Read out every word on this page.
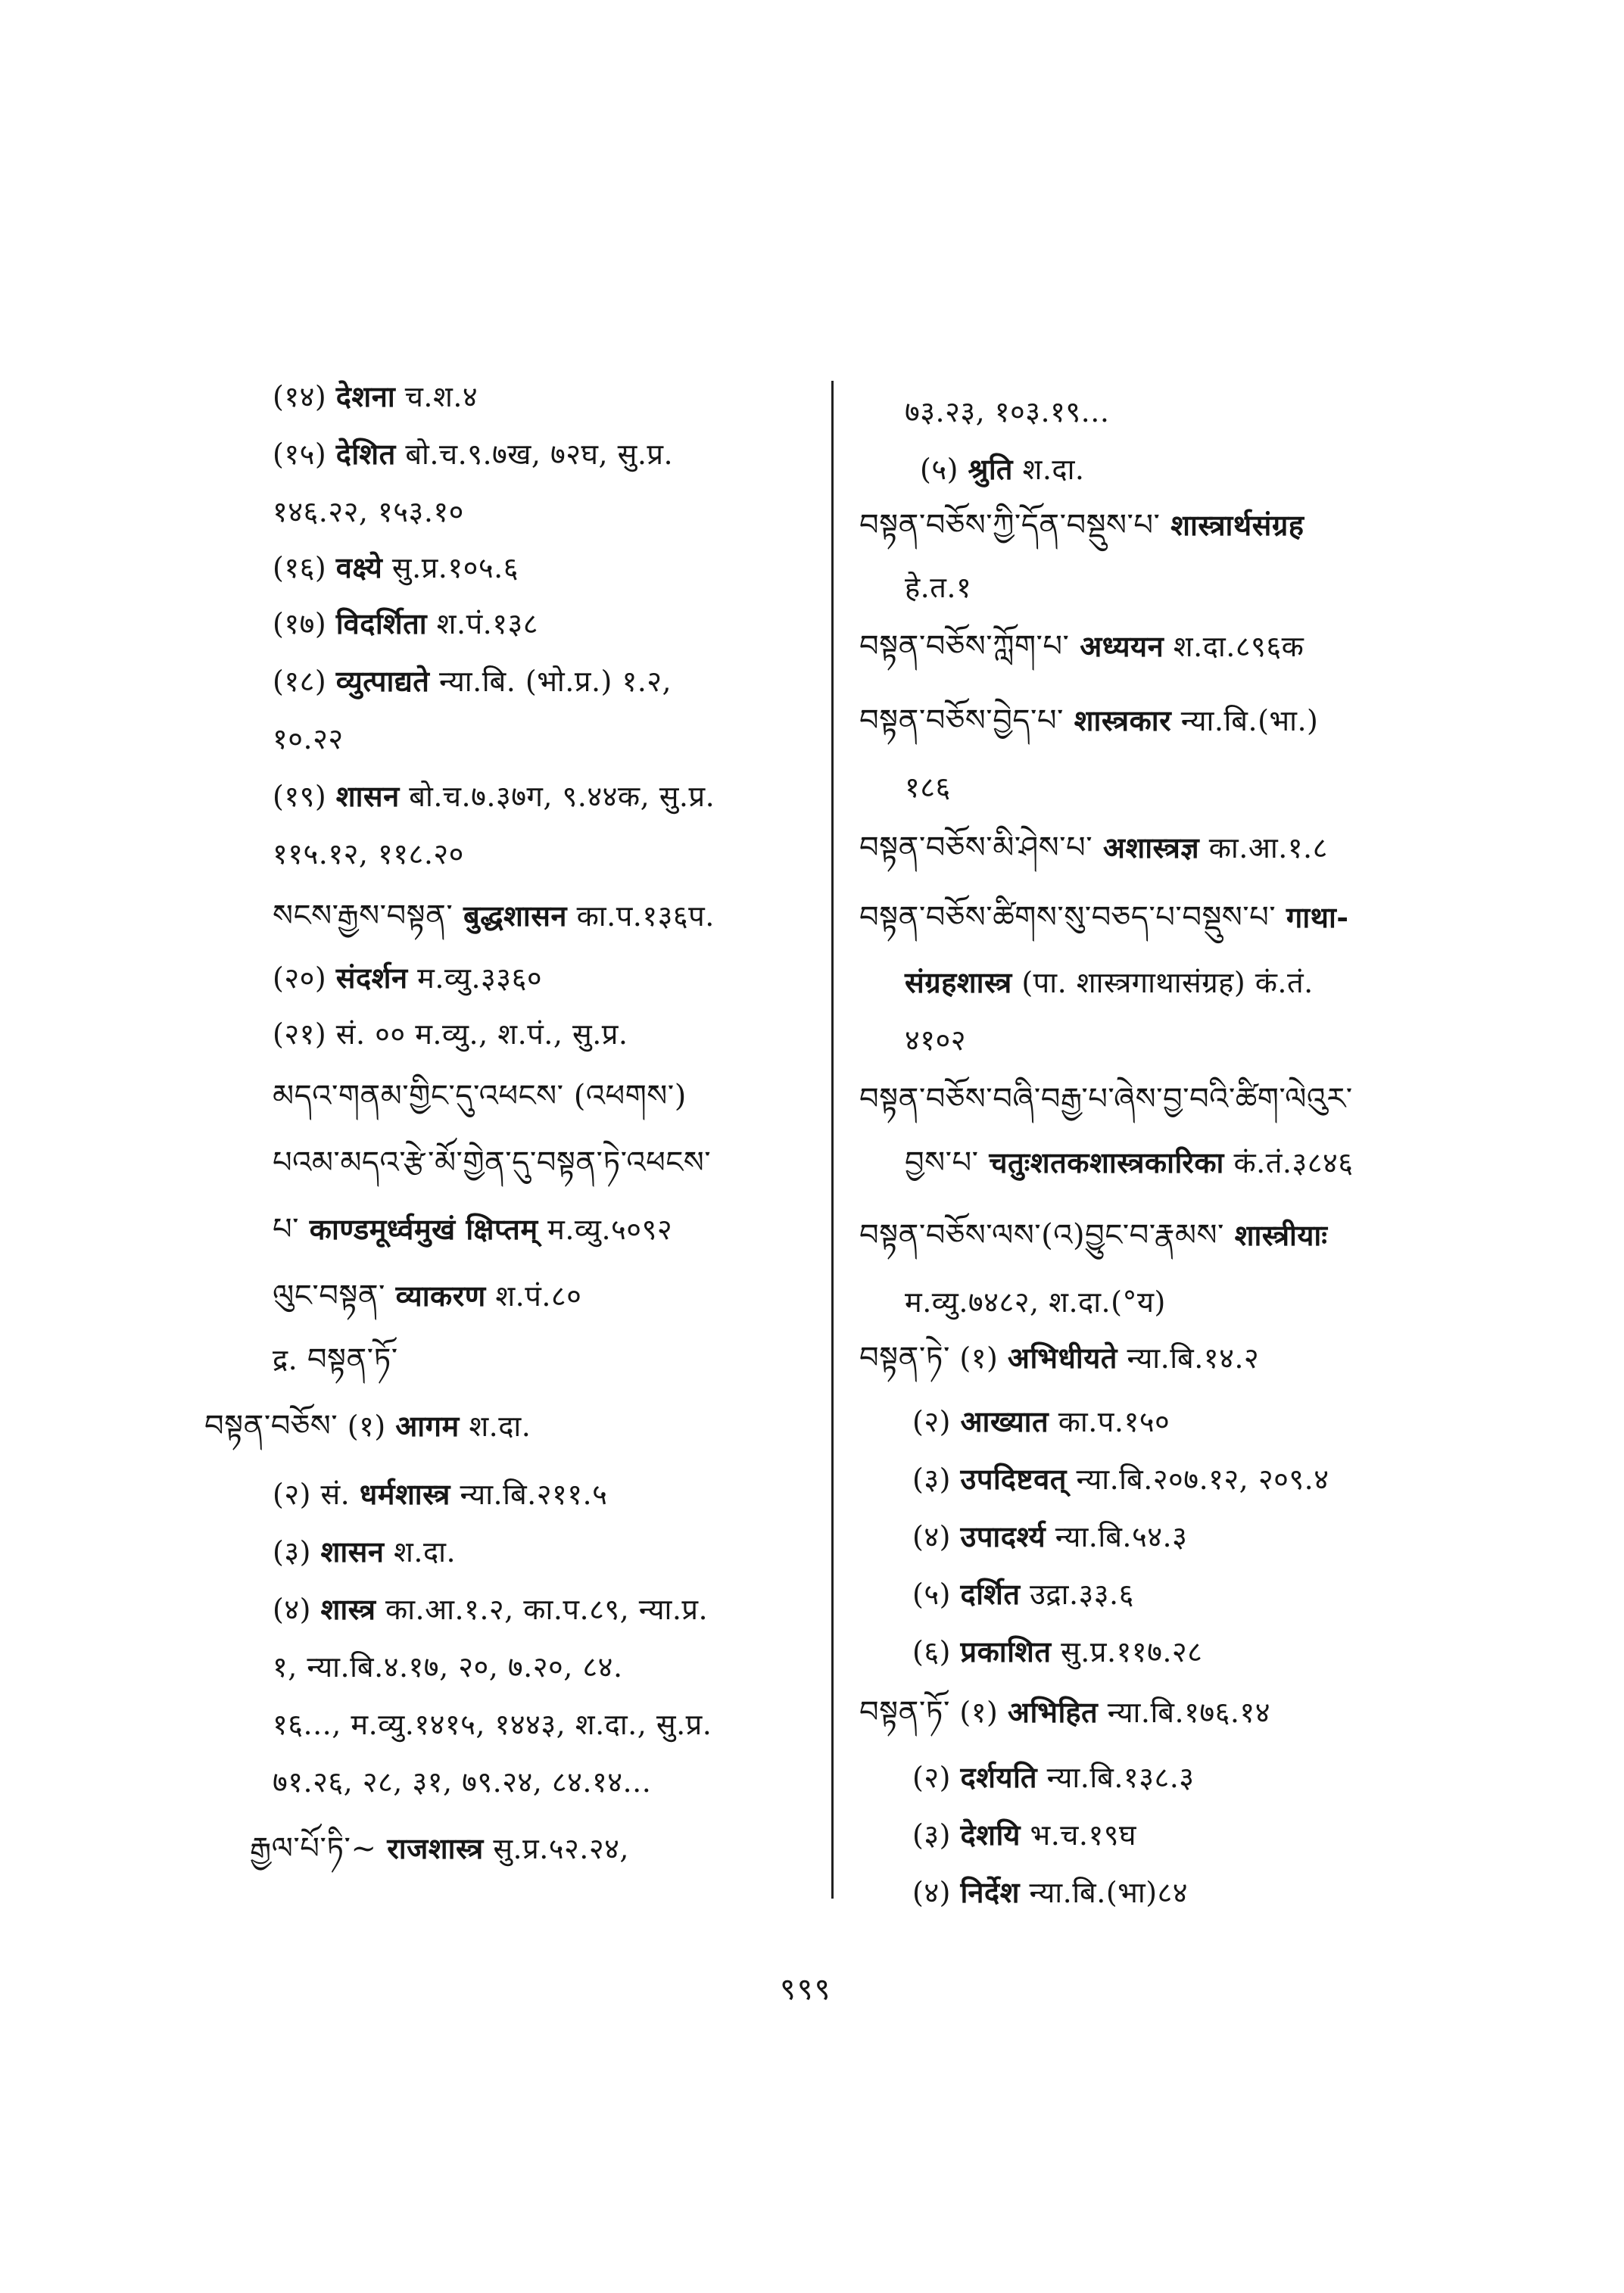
(१४) देशना च.श.४
(१५) देशित बो.च.९.७ख, ७२घ, सु.प्र.
१४६.२२, १५३.१०
(१६) वक्ष्ये सु.प्र.१०५.६
(१७) विदर्शिता श.पं.१३८
(१८) व्युत्पाद्यते न्या.बि. (भो.प्र.) १.२,
१०.२२
(१९) शासन बो.च.७.३७ग, ९.४४क, सु.प्र.
११५.१२, ११८.२०
སངས་རྒྱས་བསྟན་ बुद्धशासन का.प.१३६प.
(२०) संदर्शन म.व्यु.३३६०
(२१) सं. ०० म.व्यु., श.पं., सु.प्र.
མདའ་གནམ་གྱིང་དུ་འཕངས་ (འཕགས་)
པའམ་མདའ་རྩེ་མོ་གྱེན་དུ་བསྟན་ཏེ་འཕངས་
པ་ काण्डमूर्ध्वमुखं क्षिप्तम् म.व्यु.५०९२
ལུང་བསྟན་ व्याकरण श.पं.८०
द्र. བསྟན་ཏོ་
བསྟན་བཅོས་ (१) आगम श.दा.
(२) सं. धर्मशास्त्र न्या.बि.२११.५
(३) शासन श.दा.
(४) शास्त्र का.आ.१.२, का.प.८९, न्या.प्र.
१, न्या.बि.४.१७, २०, ७.२०, ८४.
१६..., म.व्यु.१४१५, १४४३, श.दा., सु.प्र.
७१.२६, २८, ३१, ७९.२४, ८४.१४...
རྒྱལ་པོ་ཏི་~ राजशास्त्र सु.प्र.५२.२४,
७३.२३, १०३.१९...
(५) श्रुति श.दा.
བསྟན་བཅོས་ཀྱི་དོན་བསྡུས་པ་ शास्त्रार्थसंग्रह
हे.त.१
བསྟན་བཅོས་ཀློག་པ་ अध्ययन श.दा.८९६क
བསྟན་བཅོས་བྱེད་པ་ शास्त्रकार न्या.बि.(भा.)
१८६
བསྟན་བཅོས་མི་ཤེས་པ་ अशास्त्रज्ञ का.आ.१.८
བསྟན་བཅོས་ཚིགས་སུ་བཅད་པ་བསྡུས་པ་ गाथा-
संग्रहशास्त्र (पा. शास्त्रगाथासंग्रह) कं.तं.
४१०२
བསྟན་བཅོས་བཞི་བརྒྱ་པ་ཞེས་བྱ་བའི་ཚིག་ལེའུར་
བྱས་པ་ चतुःशतकशास्त्रकारिका कं.तं.३८४६
བསྟན་བཅོས་ལས་(འ)བྱུང་བ་རྣམས་ शास्त्रीयाः
म.व्यु.७४८२, श.दा.(°य)
བསྟན་ཏེ་ (१) अभिधीयते न्या.बि.१४.२
(२) आख्यात का.प.१५०
(३) उपदिष्टवत् न्या.बि.२०७.१२, २०९.४
(४) उपादर्श्य न्या.बि.५४.३
(५) दर्शित उद्रा.३३.६
(६) प्रकाशित सु.प्र.११७.२८
བསྟན་ཏོ་ (१) अभिहित न्या.बि.१७६.१४
(२) दर्शयति न्या.बि.१३८.३
(३) देशयि भ.च.१९घ
(४) निर्देश न्या.बि.(भा)८४
९९९
